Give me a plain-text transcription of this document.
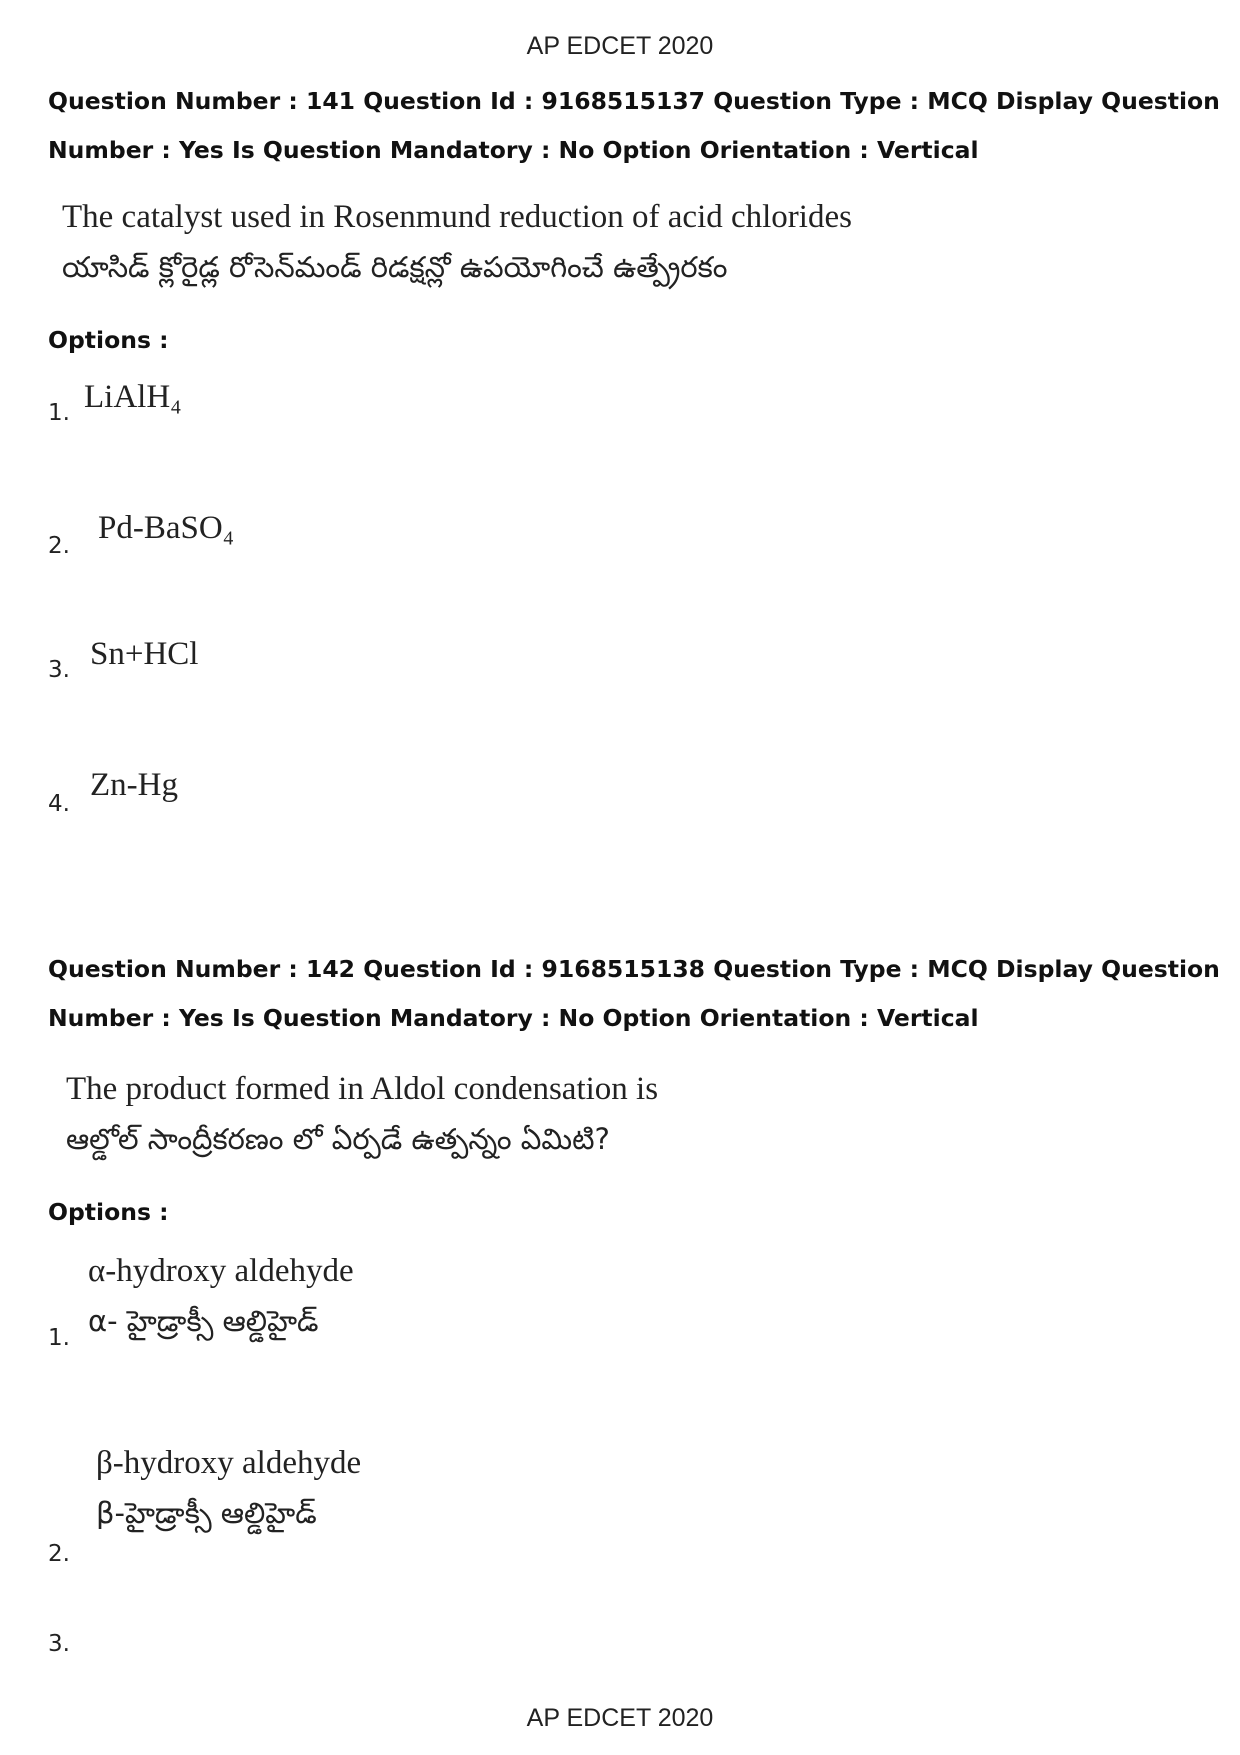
AP EDCET 2020
Question Number : 141 Question Id : 9168515137 Question Type : MCQ Display Question
Number : Yes Is Question Mandatory : No Option Orientation : Vertical
The catalyst used in Rosenmund reduction of acid chlorides
యాసిడ్ క్లోరైడ్ల రోసెన్‌మండ్ రిడక్షన్లో ఉపయోగించే ఉత్ప్రేరకం
Options :
1. LiAlH₄
2. Pd-BaSO₄
3. Sn+HCl
4.
Zn-Hg
Question Number : 142 Question Id : 9168515138 Question Type : MCQ Display Question
Number : Yes Is Question Mandatory : No Option Orientation : Vertical
The product formed in Aldol condensation is
ఆల్డోల్ సాంద్రీకరణం లో ఏర్పడే ఉత్పన్నం ఏమిటి?
Options :
1.
α-hydroxy aldehyde
α- హైడ్రాక్సీ ఆల్డిహైడ్
2.
β-hydroxy aldehyde
β-హైడ్రాక్సీ ఆల్డిహైడ్
3.
AP EDCET 2020
